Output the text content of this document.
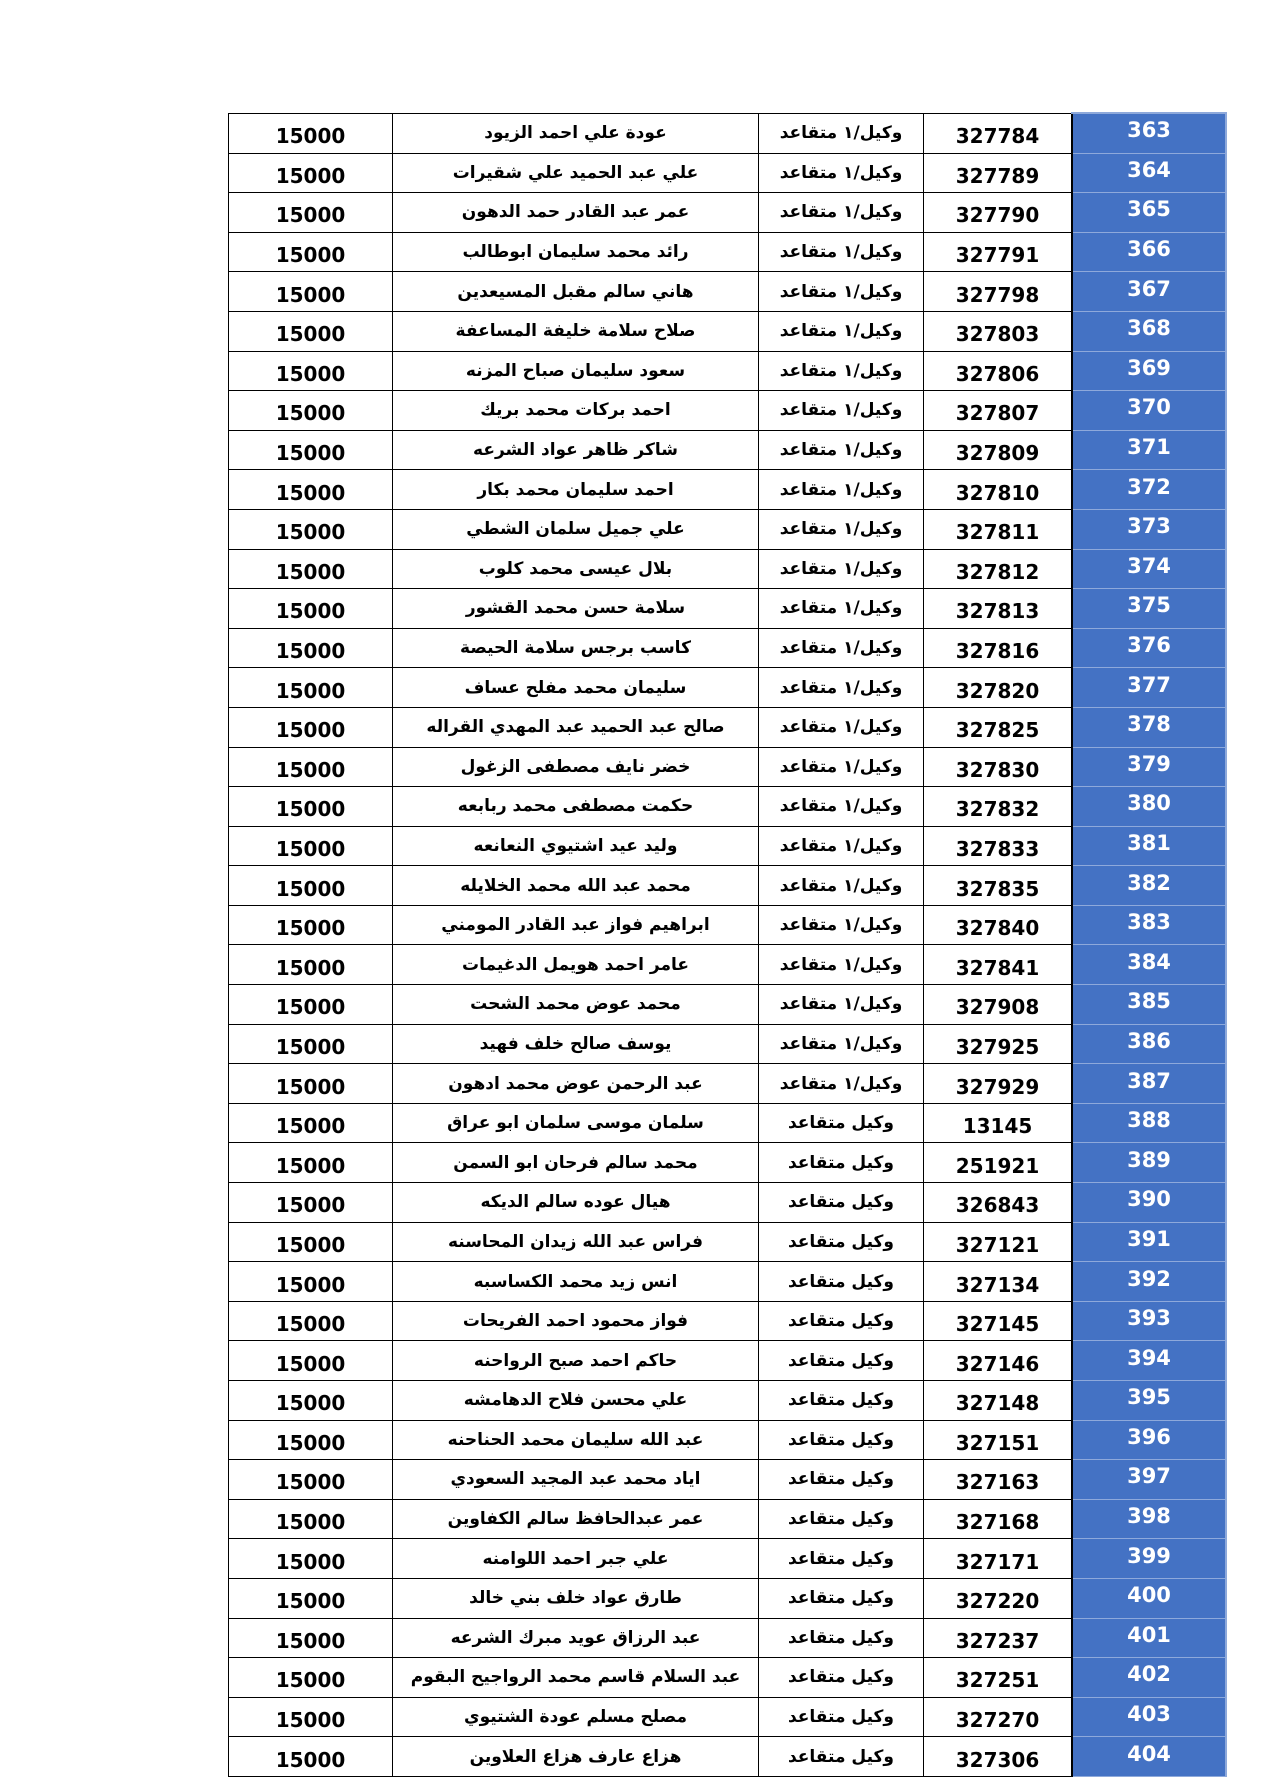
15000	عودة علي احمد الزيود	وكيل/١ متقاعد	327784	363
15000	علي عبد الحميد علي شقيرات	وكيل/١ متقاعد	327789	364
15000	عمر عبد القادر حمد الدهون	وكيل/١ متقاعد	327790	365
15000	رائد محمد سليمان ابوطالب	وكيل/١ متقاعد	327791	366
15000	هاني سالم مقبل المسيعدين	وكيل/١ متقاعد	327798	367
15000	صلاح سلامة خليفة المساعفة	وكيل/١ متقاعد	327803	368
15000	سعود سليمان صباح المزنه	وكيل/١ متقاعد	327806	369
15000	احمد بركات محمد بريك	وكيل/١ متقاعد	327807	370
15000	شاكر ظاهر عواد الشرعه	وكيل/١ متقاعد	327809	371
15000	احمد سليمان محمد بكار	وكيل/١ متقاعد	327810	372
15000	علي جميل سلمان الشطي	وكيل/١ متقاعد	327811	373
15000	بلال عيسى محمد كلوب	وكيل/١ متقاعد	327812	374
15000	سلامة حسن محمد القشور	وكيل/١ متقاعد	327813	375
15000	كاسب برجس سلامة الحيصة	وكيل/١ متقاعد	327816	376
15000	سليمان محمد مفلح عساف	وكيل/١ متقاعد	327820	377
15000	صالح عبد الحميد عبد المهدي القراله	وكيل/١ متقاعد	327825	378
15000	خضر نايف مصطفى الزغول	وكيل/١ متقاعد	327830	379
15000	حكمت مصطفى محمد ربابعه	وكيل/١ متقاعد	327832	380
15000	وليد عيد اشتيوي النعانعه	وكيل/١ متقاعد	327833	381
15000	محمد عبد الله محمد الخلايله	وكيل/١ متقاعد	327835	382
15000	ابراهيم فواز عبد القادر المومني	وكيل/١ متقاعد	327840	383
15000	عامر احمد هويمل الدغيمات	وكيل/١ متقاعد	327841	384
15000	محمد عوض محمد الشحت	وكيل/١ متقاعد	327908	385
15000	يوسف صالح خلف فهيد	وكيل/١ متقاعد	327925	386
15000	عبد الرحمن عوض محمد ادهون	وكيل/١ متقاعد	327929	387
15000	سلمان موسى سلمان ابو عراق	وكيل متقاعد	13145	388
15000	محمد سالم فرحان ابو السمن	وكيل متقاعد	251921	389
15000	هيال عوده سالم الديكه	وكيل متقاعد	326843	390
15000	فراس عبد الله زيدان المحاسنه	وكيل متقاعد	327121	391
15000	انس زيد محمد الكساسبه	وكيل متقاعد	327134	392
15000	فواز محمود احمد الفريحات	وكيل متقاعد	327145	393
15000	حاكم احمد صبح الرواحنه	وكيل متقاعد	327146	394
15000	علي محسن فلاح الدهامشه	وكيل متقاعد	327148	395
15000	عبد الله سليمان محمد الحناحنه	وكيل متقاعد	327151	396
15000	اياد محمد عبد المجيد السعودي	وكيل متقاعد	327163	397
15000	عمر عبدالحافظ سالم الكفاوين	وكيل متقاعد	327168	398
15000	علي جبر احمد اللوامنه	وكيل متقاعد	327171	399
15000	طارق عواد خلف بني خالد	وكيل متقاعد	327220	400
15000	عبد الرزاق عويد مبرك الشرعه	وكيل متقاعد	327237	401
15000	عبد السلام قاسم محمد الرواجيح البقوم	وكيل متقاعد	327251	402
15000	مصلح مسلم عودة الشتيوي	وكيل متقاعد	327270	403
15000	هزاع عارف هزاع العلاوين	وكيل متقاعد	327306	404
